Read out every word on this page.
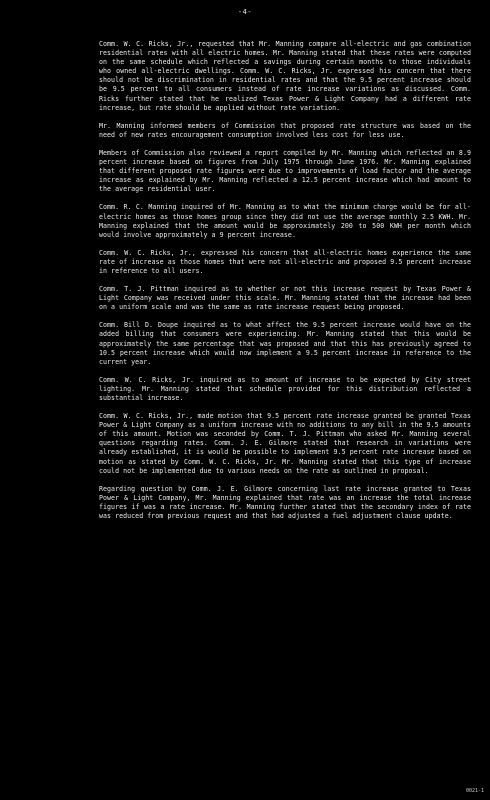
-4-

Comm. W. C. Ricks, Jr., requested that Mr. Manning compare all-electric and gas combination residential rates with all electric homes. Mr. Manning stated that these rates were computed on the same schedule which reflected a savings during certain months to those individuals who owned all-electric dwellings. Comm. W. C. Ricks, Jr. expressed his concern that there should not be discrimination in residential rates and that the 9.5 percent increase should be 9.5 percent to all consumers instead of rate increase variations as discussed. Comm. Ricks further stated that he realized Texas Power & Light Company had a different rate increase, but rate should be applied without rate variation.

Mr. Manning informed members of Commission that proposed rate structure was based on the need of new rates encouragement consumption involved less cost for less use.

Members of Commission also reviewed a report compiled by Mr. Manning which reflected an 8.9 percent increase based on figures from July 1975 through June 1976. Mr. Manning explained that different proposed rate figures were due to improvements of load factor and the average increase as explained by Mr. Manning reflected a 12.5 percent increase which had amount to the average residential user.

Comm. R. C. Manning inquired of Mr. Manning as to what the minimum charge would be for all-electric homes as those homes group since they did not use the average monthly 2.5 KWH. Mr. Manning explained that the amount would be approximately 200 to 500 KWH per month which would involve approximately a 9 percent increase.

Comm. W. C. Ricks, Jr., expressed his concern that all-electric homes experience the same rate of increase as those homes that were not all-electric and proposed 9.5 percent increase in reference to all users.

Comm. T. J. Pittman inquired as to whether or not this increase request by Texas Power & Light Company was received under this scale. Mr. Manning stated that the increase had been on a uniform scale and was the same as rate increase request being proposed.

Comm. Bill D. Doupe inquired as to what affect the 9.5 percent increase would have on the added billing that consumers were experiencing. Mr. Manning stated that this would be approximately the same percentage that was proposed and that this has previously agreed to 10.5 percent increase which would now implement a 9.5 percent increase in reference to the current year.

Comm. W. C. Ricks, Jr. inquired as to amount of increase to be expected by City street lighting. Mr. Manning stated that schedule provided for this distribution reflected a substantial increase.

Comm. W. C. Ricks, Jr., made motion that 9.5 percent rate increase granted be granted Texas Power & Light Company as a uniform increase with no additions to any bill in the 9.5 amounts of this amount. Motion was seconded by Comm. T. J. Pittman who asked Mr. Manning several questions regarding rates. Comm. J. E. Gilmore stated that research in variations were already established, it is would be possible to implement 9.5 percent rate increase based on motion as stated by Comm. W. C. Ricks, Jr. Mr. Manning stated that this type of increase could not be implemented due to various needs on the rate as outlined in proposal.

Regarding question by Comm. J. E. Gilmore concerning last rate increase granted to Texas Power & Light Company, Mr. Manning explained that rate was an increase the total increase figures if was a rate increase. Mr. Manning further stated that the secondary index of rate was reduced from previous request and that had adjusted a fuel adjustment clause update.

0021-1
